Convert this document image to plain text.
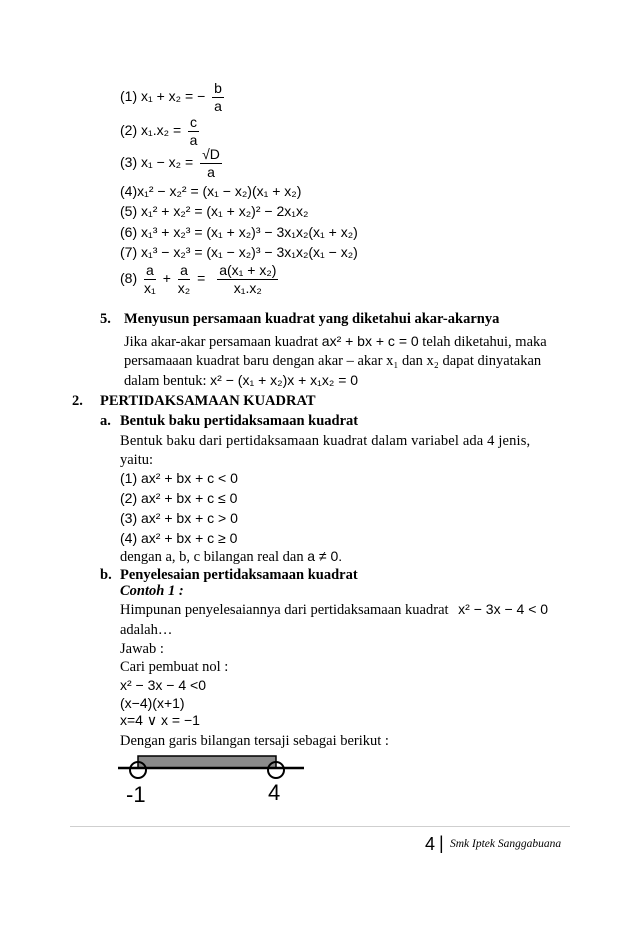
(1) x₁ + x₂ = − $\frac{b}{a}$
(2) $x_1.x_2 = \frac{c}{a}$
(3) $x_1 - x_2 = \frac{√D}{a}$
(4)x₁² − x₂² = (x₁ − x₂)(x₁ + x₂)
(5) x₁² + x₂² = (x₁ + x₂)² − 2x₁x₂
(6) x₁³ + x₂³ = (x₁ + x₂)³ − 3x₁x₂(x₁ + x₂)
(7) x₁³ − x₂³ = (x₁ − x₂)³ − 3x₁x₂(x₁ − x₂)
$(8) \frac{a}{\text{x₁}} + \frac{a}{\text{x₂}} = \frac{\text{a(x₁ + x₂)}}{\text{x₁.x₂}}$
5. Menyusun persamaan kuadrat yang diketahui akar-akarnya
Jika akar-akar persamaan kuadrat ax² + bx + c = 0 telah diketahui, maka
persamaaan kuadrat baru dengan akar – akar x₁ dan x₂ dapat dinyatakan
dalam bentuk: x² − (x₁ + x₂)x + x₁x₂ = 0
2. PERTIDAKSAMAAN KUADRAT
a. Bentuk baku pertidaksamaan kuadrat
Bentuk baku dari pertidaksamaan kuadrat dalam variabel ada 4 jenis,
yaitu:
(1) ax² + bx + c < 0
(2) ax² + bx + c ≤ 0
(3) ax² + bx + c > 0
(4) ax² + bx + c ≥ 0
dengan a, b, c bilangan real dan a ≠ 0.
b. Penyelesaian pertidaksamaan kuadrat
Contoh 1 :
Himpunan penyelesaiannya dari pertidaksamaan kuadrat x² − 3x − 4 < 0
adalah…
Jawab :
Cari pembuat nol :
x² − 3x − 4 <0
(x−4)(x+1)
x=4 ∨ x = −1
Dengan garis bilangan tersaji sebagai berikut :
-1	4
4 | Smk Iptek Sanggabuana
